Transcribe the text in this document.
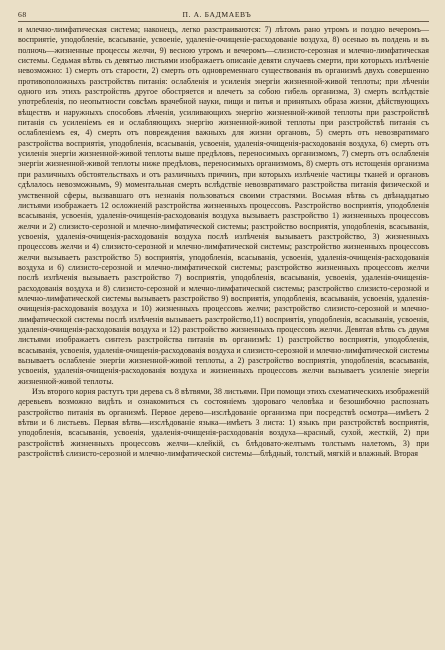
68	П. А. БАДМАЕВЪ

и млечно-лимфатическая система; наконецъ, легко разстраиваются: 7) лѣтомъ рано утромъ и поздно вечеромъ—восприятіе, уподобленіе, всасываніе, усвоеніе, удаленіе-очищеніе-расходованіе воздуха, 8) осенью въ полдень и въ полночь—жизненные процессы желчи, 9) весною утромъ и вечеромъ—слизисто-серозная и млечно-лимфатическая системы. Седьмая вѣтвь съ девятью листьями изображаетъ описаніе девяти случаевъ смерти, при которыхъ излѣченіе невозможно: 1) смерть отъ старости, 2) смерть отъ одновременнаго существованія въ организмѣ двухъ совершенно противоположныхъ разстройствъ питанія: ослабленія и усиленія энергіи жизненной-живой теплоты; при лѣченіи одного изъ этихъ разстройствъ другое обостряется и влечетъ за собою гибель организма, 3) смерть вслѣдствіе употребленія, по неопытности совсѣмъ врачебной науки, пищи и питья и принятыхъ образа жизни, дѣйствующихъ вѣществъ и наружныхъ способовъ лѣченія, усиливающихъ энергію жизненной-живой теплоты при разстройствѣ питанія съ усиленіемъ ея и ослабляющихъ энергію жизненной-живой теплоты при разстройствѣ питанія съ ослабленіемъ ея, 4) смерть отъ повреждения важныхъ для жизни органовъ, 5) смерть отъ невозвратимаго разстройства восприятія, уподобленія, всасыванія, усвоенія, удаленія-очищенія-расходованія воздуха, 6) смерть отъ усиленія энергіи жизненной-живой теплоты выше предѣловъ, переносимыхъ организмомъ, 7) смерть отъ ослабленія энергіи жизненной-живой теплоты ниже предѣловъ, переносимыхъ организмомъ, 8) смерть отъ истощенія организма при различныхъ обстоятельствахъ и отъ различныхъ причинъ, при которыхъ излѣченіе частицы тканей и органовъ сдѣлалось невозможнымъ, 9) моментальная смерть вслѣдствіе невозвратимаго разстройства питанія физической и умственной сферы, вызвавшаго отъ незнанія пользоваться своими страстями. Восьмая вѣтвь съ двѣнадцатью листьями изображаетъ 12 осложненій разстройства жизненныхъ процессовъ. Разстройство восприятія, уподобленія всасыванія, усвоенія, удаленія-очищенія-расходованія воздуха вызываетъ разстройство 1) жизненныхъ процессовъ желчи и 2) слизисто-серозной и млечно-лимфатической системы; разстройство восприятія, уподобленія, всасыванія, усвоенія, удаленія-очищенія-расходованія воздуха послѣ излѣченія вызываетъ разстройство, 3) жизненныхъ процессовъ желчи и 4) слизисто-серозной и млечно-лимфатической системы; разстройство жизненныхъ процессовъ желчи вызываетъ разстройство 5) восприятія, уподобленія, всасыванія, усвоенія, удаленія-очищенія-расходованія воздуха и 6) слизисто-серозной и млечно-лимфатической системы; разстройство жизненныхъ процессовъ желчи послѣ излѣченія вызываетъ разстройство 7) восприятія, уподобленія, всасыванія, усвоенія, удаленія-очищенія-расходованія воздуха и 8) слизисто-серозной и млечно-лимфатической системы; разстройство слизисто-серозной и млечно-лимфатической системы вызываетъ разстройство 9) восприятія, уподобленія, всасыванія, усвоенія, удаленія-очищенія-расходованія воздуха и 10) жизненныхъ процессовъ желчи; разстройство слизисто-серозной и млечно-лимфатической системы послѣ излѣченія вызываетъ разстройство,11) восприятія, уподобленія, всасыванія, усвоенія, удаленія-очищенія-расходованія воздуха и 12) разстройство жизненныхъ процессовъ желчи. Девятая вѣтвь съ двумя листьями изображаетъ синтезъ разстройства питанія въ организмѣ: 1) разстройство восприятія, уподобленія, всасыванія, усвоенія, удаленія-очищенія-расходованія воздуха и слизисто-серозной и млечно-лимфатической системы вызываетъ ослабленіе энергіи жизненной-живой теплоты, а 2) разстройство восприятія, уподобленія, всасыванія, усвоенія, удаленія-очищенія-расходованія воздуха и жизненныхъ процессовъ желчи вызываетъ усиленіе энергіи жизненной-живой теплоты.

Изъ второго корня растутъ три дерева съ 8 вѣтвями, 38 листьями. При помощи этихъ схематическихъ изображеній деревьевъ возможно видѣть и ознакомиться съ состояніемъ здороваго человѣка и безошибочно распознать разстройство питанія въ организмѣ. Первое дерево—изслѣдованіе организма при посредствѣ осмотра—имѣетъ 2 вѣтви и 6 листьевъ. Первая вѣтвь—изслѣдованіе языка—имѣетъ 3 листа: 1) языкъ при разстройствѣ восприятія, уподобленія, всасыванія, усвоенія, удаленія-очищенія-расходованія воздуха—красный, сухой, жесткій, 2) при разстройствѣ жизненныхъ процессовъ желчи—клейкій, съ блѣдовато-желтымъ толстымъ налетомъ, 3) при разстройствѣ слизисто-серозной и млечно-лимфатической системы—блѣдный, толстый, мягкій и влажный. Вторая
